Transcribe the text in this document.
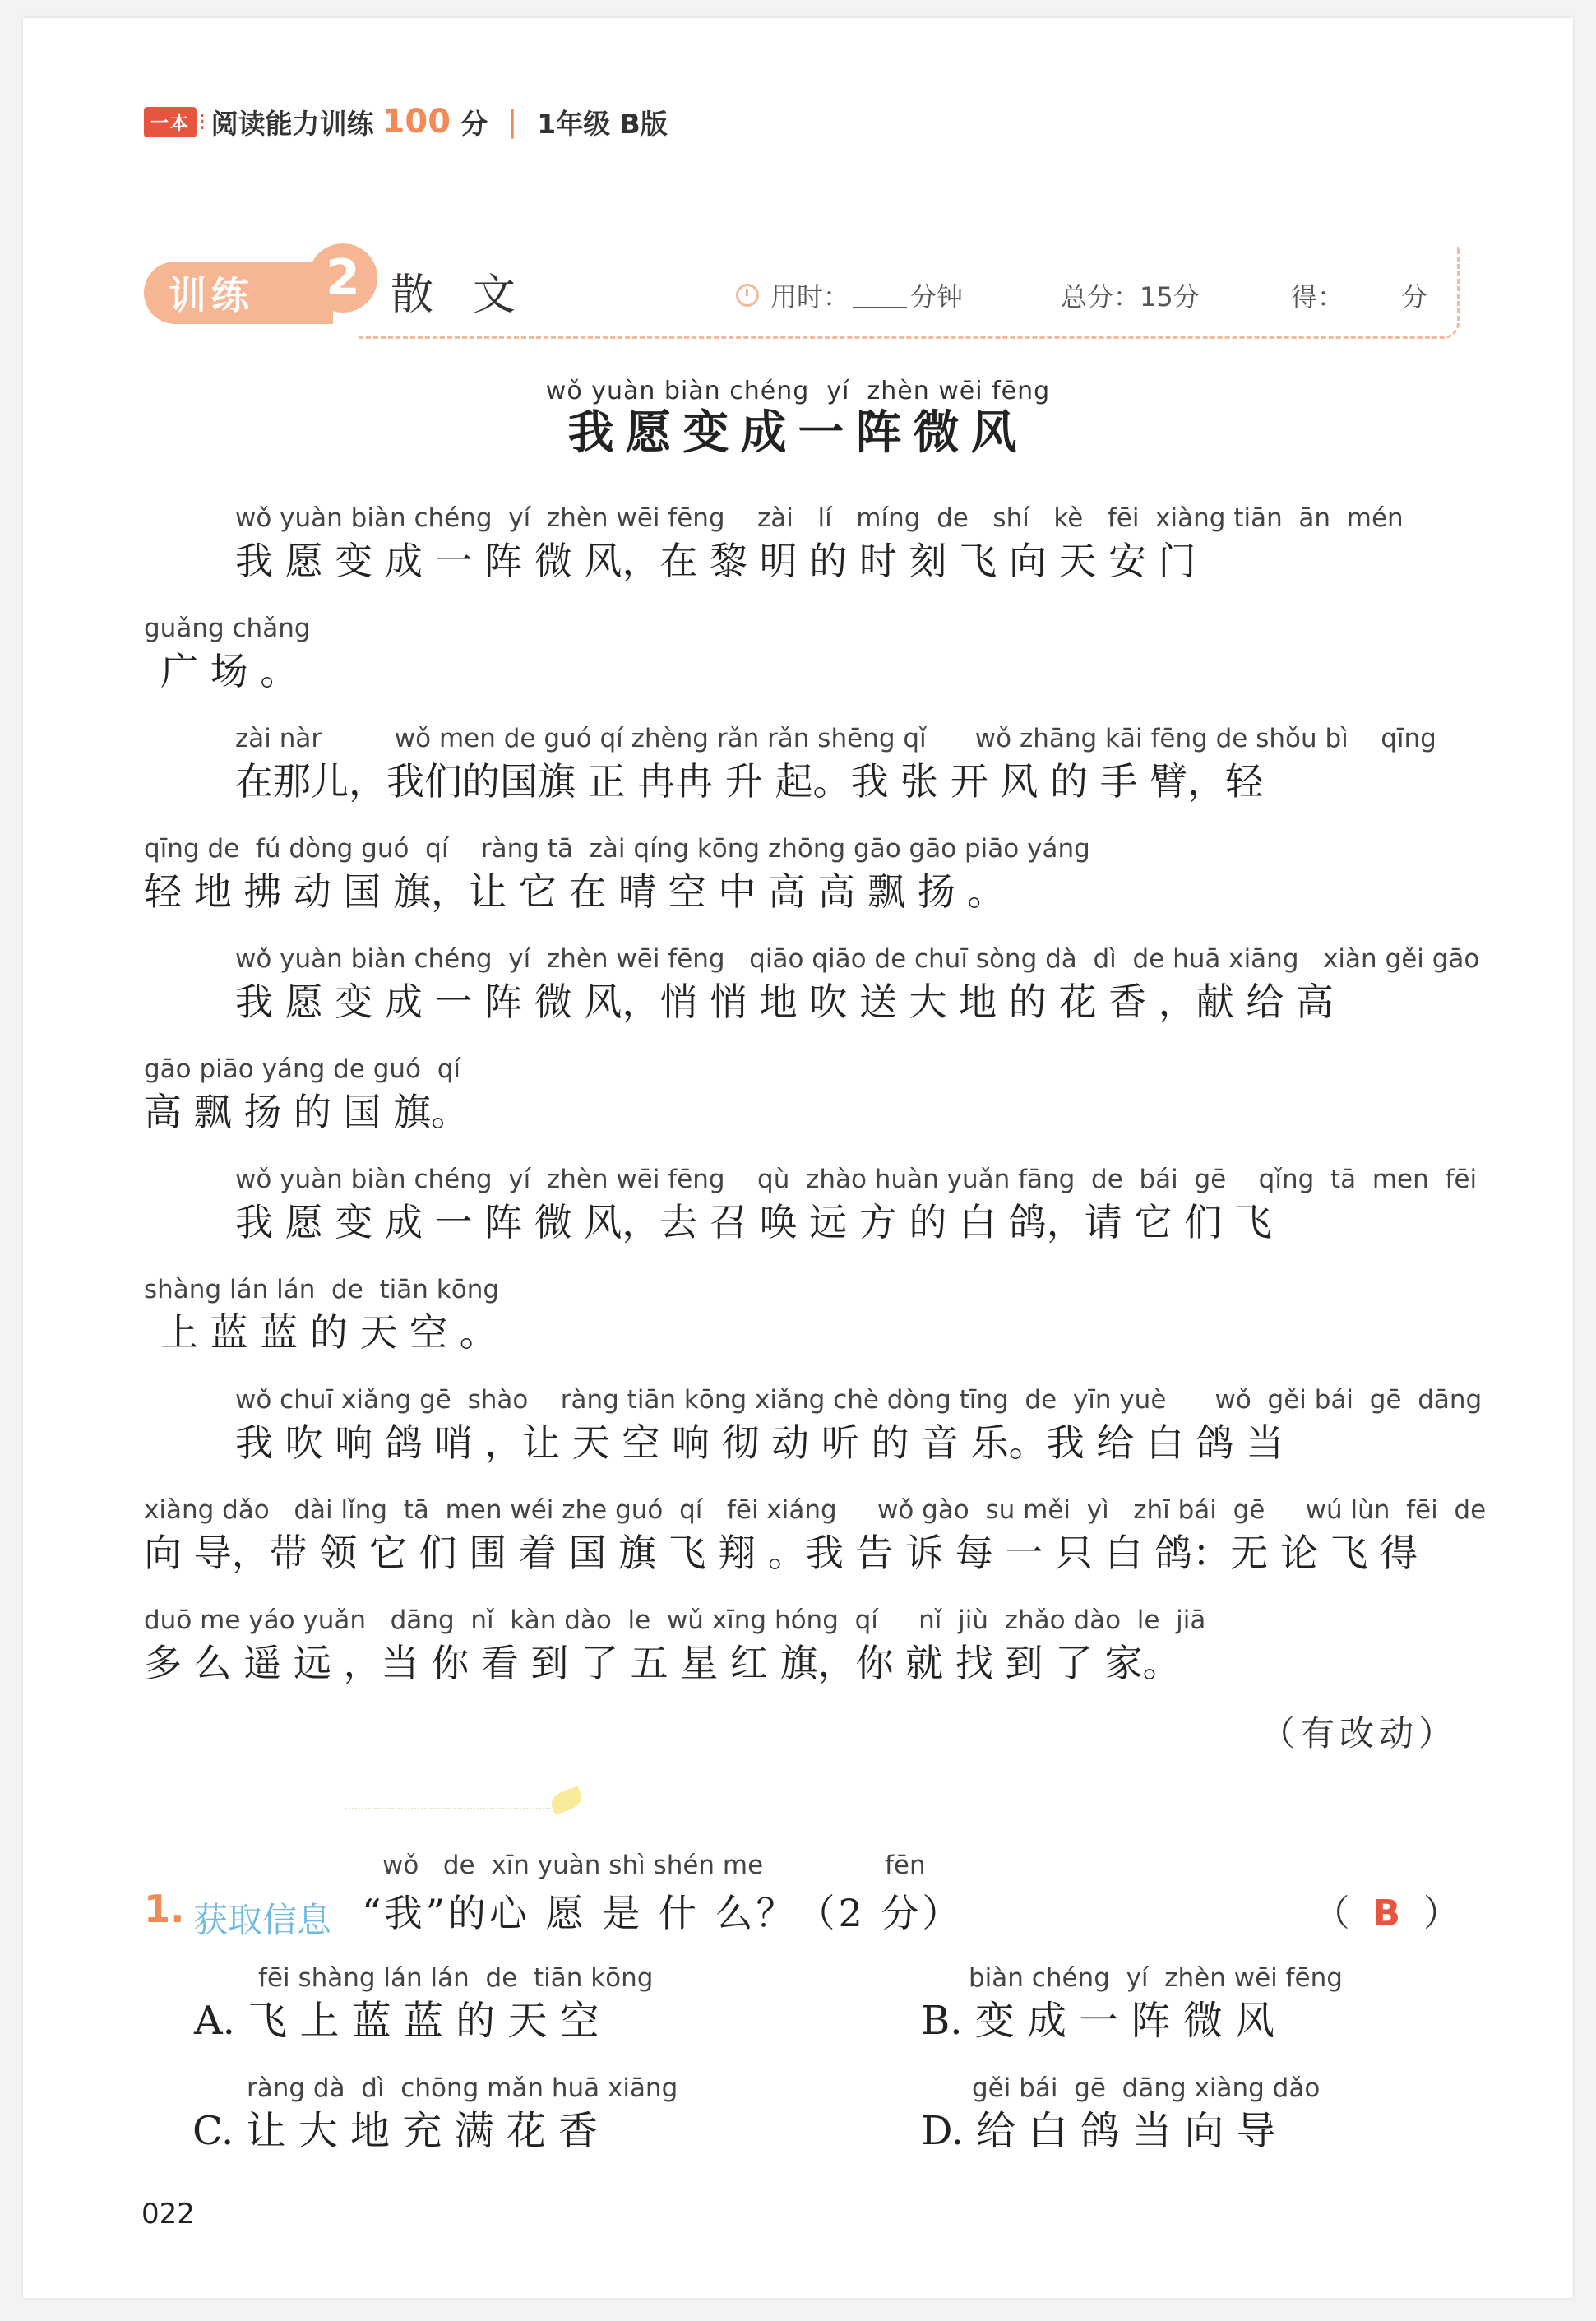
一本 ⁝ 阅读能力训练 100 分 | 1年级 B版
训练	2 散文	用时： 分钟	总分：15分	得： 分
wǒ yuàn biàn chéng  yí  zhèn wēi fēng
我愿变成一阵微风
wǒ yuàn biàn chéng  yí  zhèn wēi fēng    zài   lí   míng  de   shí   kè   fēi  xiàng tiān  ān  mén
我 愿 变 成 一 阵 微 风，在 黎 明 的 时 刻 飞 向 天 安 门
guǎng chǎng
广 场 。
zài nàr         wǒ men de guó qí zhèng rǎn rǎn shēng qǐ      wǒ zhāng kāi fēng de shǒu bì    qīng
在那儿，我们的国旗 正 冉冉 升 起。我 张 开 风 的 手 臂，轻
qīng de  fú dòng guó  qí    ràng tā  zài qíng kōng zhōng gāo gāo piāo yáng
轻 地 拂 动 国 旗，让 它 在 晴 空 中 高 高 飘 扬 。
wǒ yuàn biàn chéng  yí  zhèn wēi fēng   qiāo qiāo de chuī sòng dà  dì  de huā xiāng   xiàn gěi gāo
我 愿 变 成 一 阵 微 风，悄 悄 地 吹 送 大 地 的 花 香 ，献 给 高
gāo piāo yáng de guó  qí
高 飘 扬 的 国 旗。
wǒ yuàn biàn chéng  yí  zhèn wēi fēng    qù  zhào huàn yuǎn fāng  de  bái  gē    qǐng  tā  men  fēi
我 愿 变 成 一 阵 微 风，去 召 唤 远 方 的 白 鸽，请 它 们 飞
shàng lán lán  de  tiān kōng
上 蓝 蓝 的 天 空 。
wǒ chuī xiǎng gē  shào    ràng tiān kōng xiǎng chè dòng tīng  de  yīn yuè      wǒ  gěi bái  gē  dāng
我 吹 响 鸽 哨 ，让 天 空 响 彻 动 听 的 音 乐。我 给 白 鸽 当
xiàng dǎo   dài lǐng  tā  men wéi zhe guó  qí   fēi xiáng     wǒ gào  su měi  yì   zhī bái  gē     wú lùn  fēi  de
向 导，带 领 它 们 围 着 国 旗 飞 翔 。我 告 诉 每 一 只 白 鸽：无 论 飞 得
duō me yáo yuǎn   dāng  nǐ  kàn dào  le  wǔ xīng hóng  qí     nǐ  jiù  zhǎo dào  le  jiā
多 么 遥 远 ，当 你 看 到 了 五 星 红 旗，你 就 找 到 了 家。
（有改动）
1. 获取信息
wǒ   de  xīn yuàn shì shén me               fēn
“我”的心 愿 是 什 么？（2 分）	（  B  ）
fēi shàng lán lán  de  tiān kōng
A. 飞 上 蓝 蓝 的 天 空
biàn chéng  yí  zhèn wēi fēng
B. 变 成 一 阵 微 风
ràng dà  dì  chōng mǎn huā xiāng
C. 让 大 地 充 满 花 香
gěi bái  gē  dāng xiàng dǎo
D. 给 白 鸽 当 向 导
022
